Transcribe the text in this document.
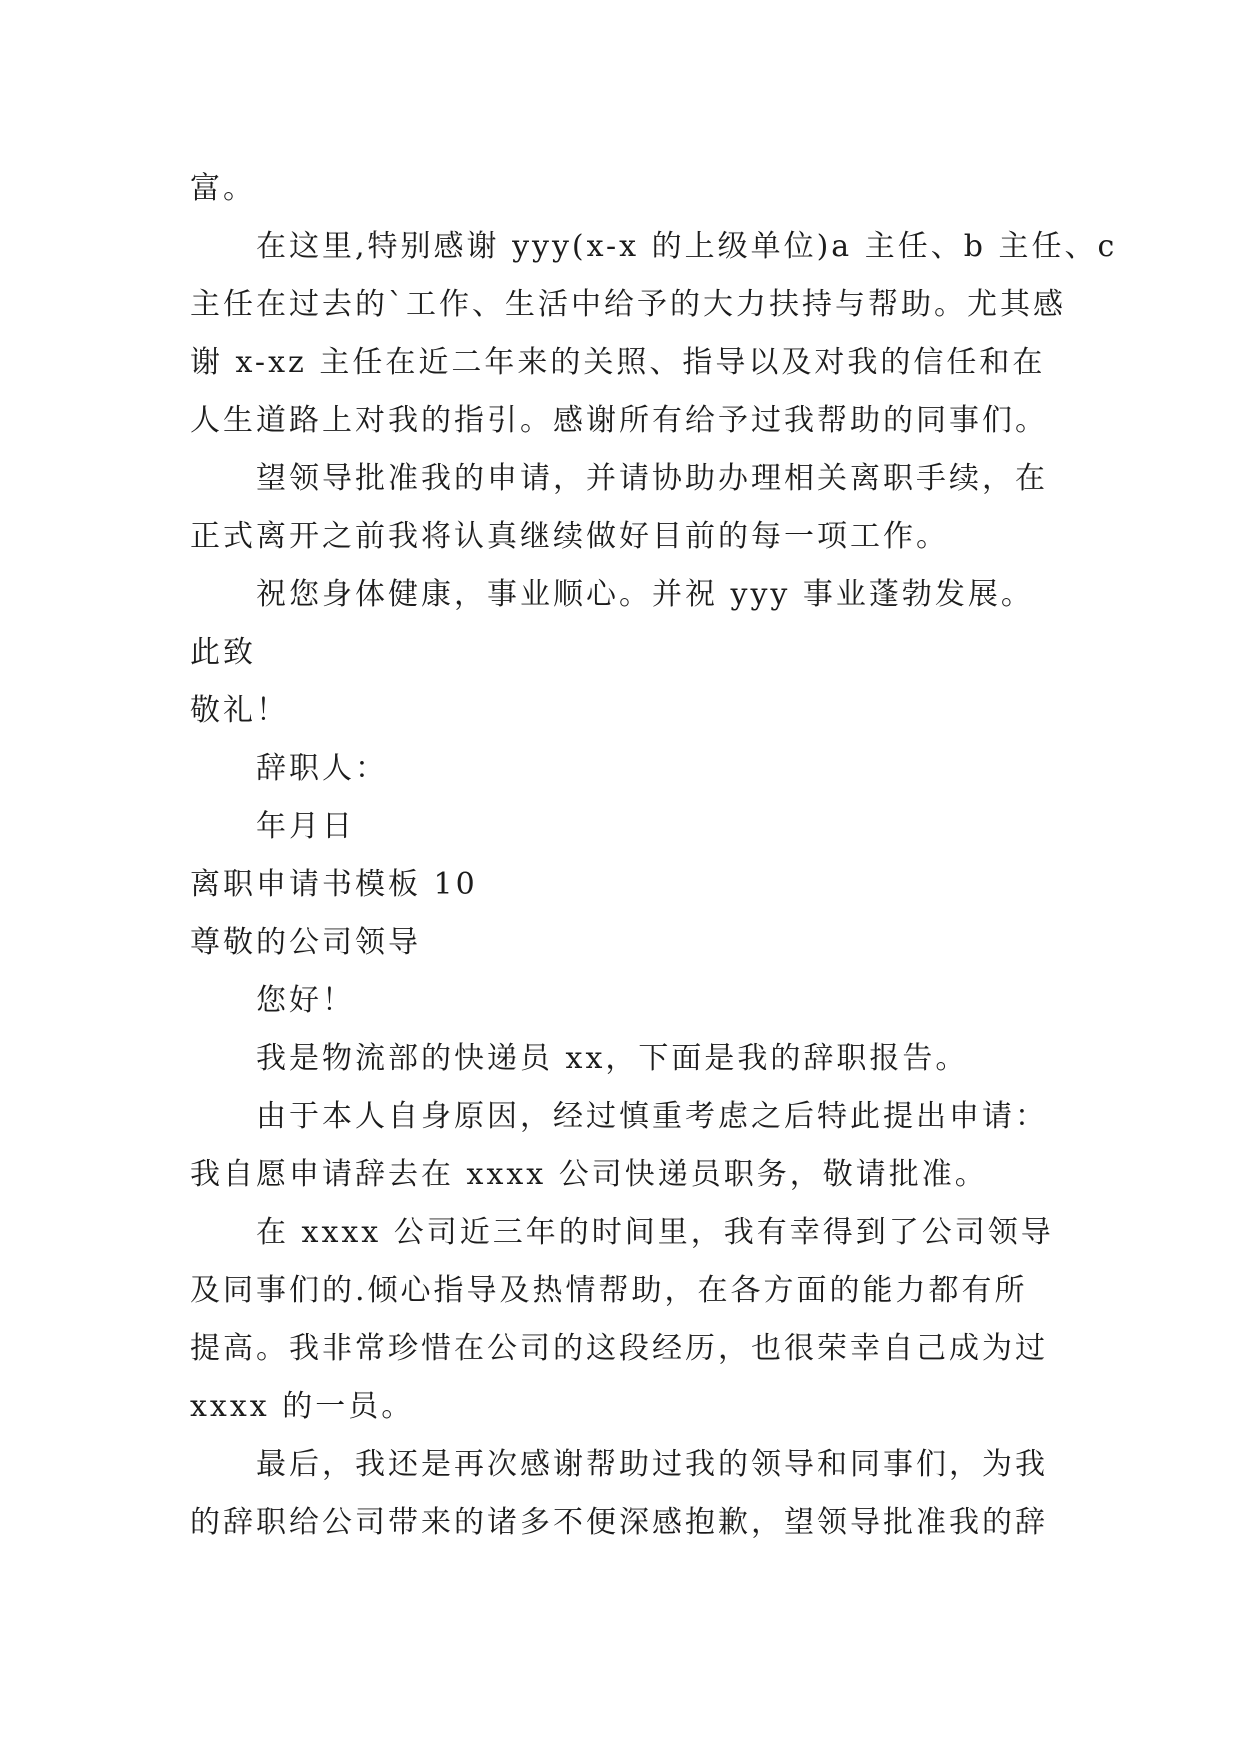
富。
在这里,特别感谢 yyy(x-x 的上级单位)a 主任、b 主任、c
主任在过去的`工作、生活中给予的大力扶持与帮助。尤其感
谢 x-xz 主任在近二年来的关照、指导以及对我的信任和在
人生道路上对我的指引。感谢所有给予过我帮助的同事们。
望领导批准我的申请，并请协助办理相关离职手续，在
正式离开之前我将认真继续做好目前的每一项工作。
祝您身体健康，事业顺心。并祝 yyy 事业蓬勃发展。
此致
敬礼！
辞职人：
年月日
离职申请书模板 10
尊敬的公司领导
您好！
我是物流部的快递员 xx，下面是我的辞职报告。
由于本人自身原因，经过慎重考虑之后特此提出申请：
我自愿申请辞去在 xxxx 公司快递员职务，敬请批准。
在 xxxx 公司近三年的时间里，我有幸得到了公司领导
及同事们的.倾心指导及热情帮助，在各方面的能力都有所
提高。我非常珍惜在公司的这段经历，也很荣幸自己成为过
xxxx 的一员。
最后，我还是再次感谢帮助过我的领导和同事们，为我
的辞职给公司带来的诸多不便深感抱歉，望领导批准我的辞
